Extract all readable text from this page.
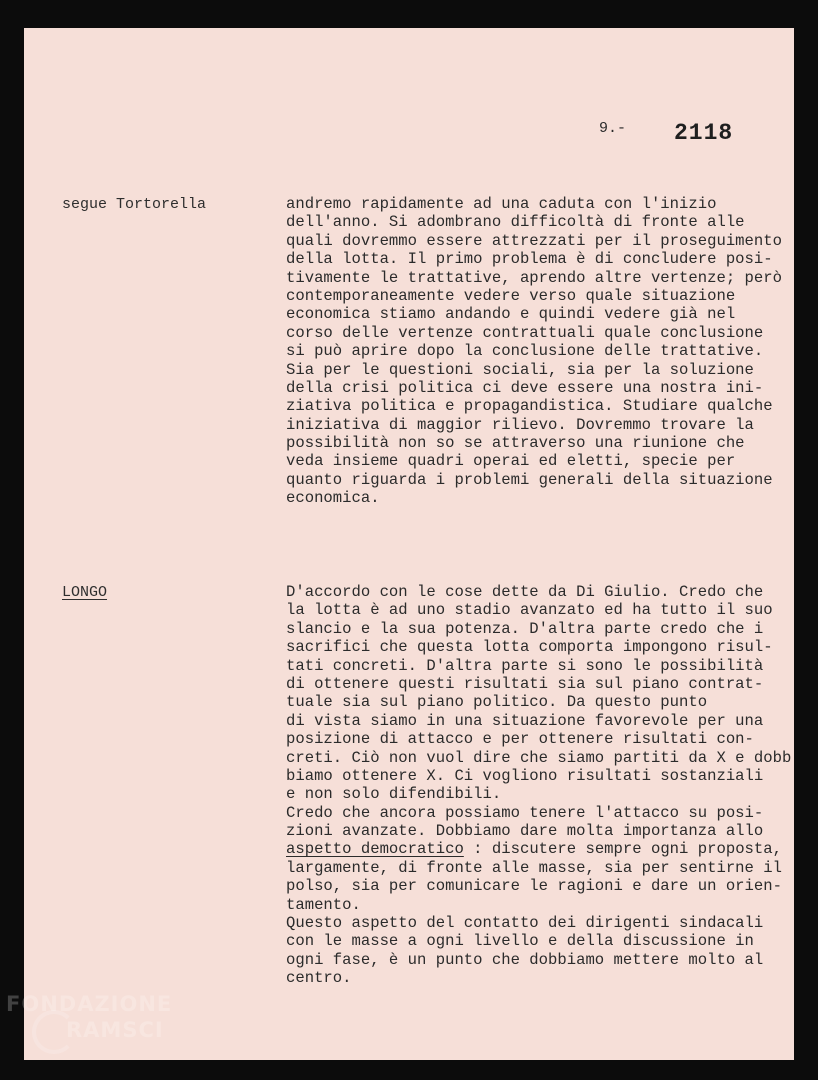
9.- 2118
segue Tortorella	andremo rapidamente ad una caduta con l'inizio
dell'anno. Si adombrano difficoltà di fronte alle
quali dovremmo essere attrezzati per il proseguimento
della lotta. Il primo problema è di concludere posi-
tivamente le trattative, aprendo altre vertenze; però
contemporaneamente vedere verso quale situazione
economica stiamo andando e quindi vedere già nel
corso delle vertenze contrattuali quale conclusione
si può aprire dopo la conclusione delle trattative.
Sia per le questioni sociali, sia per la soluzione
della crisi politica ci deve essere una nostra ini-
ziativa politica e propagandistica. Studiare qualche
iniziativa di maggior rilievo. Dovremmo trovare la
possibilità non so se attraverso una riunione che
veda insieme quadri operai ed eletti, specie per
quanto riguarda i problemi generali della situazione
economica.
LONGO	D'accordo con le cose dette da Di Giulio. Credo che
la lotta è ad uno stadio avanzato ed ha tutto il suo
slancio e la sua potenza. D'altra parte credo che i
sacrifici che questa lotta comporta impongono risul-
tati concreti. D'altra parte si sono le possibilità
di ottenere questi risultati sia sul piano contrat-
tuale sia sul piano politico. Da questo punto
di vista siamo in una situazione favorevole per una
posizione di attacco e per ottenere risultati con-
creti. Ciò non vuol dire che siamo partiti da X e dobb
biamo ottenere X. Ci vogliono risultati sostanziali
e non solo difendibili.
Credo che ancora possiamo tenere l'attacco su posi-
zioni avanzate. Dobbiamo dare molta importanza allo
aspetto democratico : discutere sempre ogni proposta,
largamente, di fronte alle masse, sia per sentirne il
polso, sia per comunicare le ragioni e dare un orien-
tamento.
Questo aspetto del contatto dei dirigenti sindacali
con le masse a ogni livello e della discussione in
ogni fase, è un punto che dobbiamo mettere molto al
centro.
FONDAZIONE
RAMSCI
